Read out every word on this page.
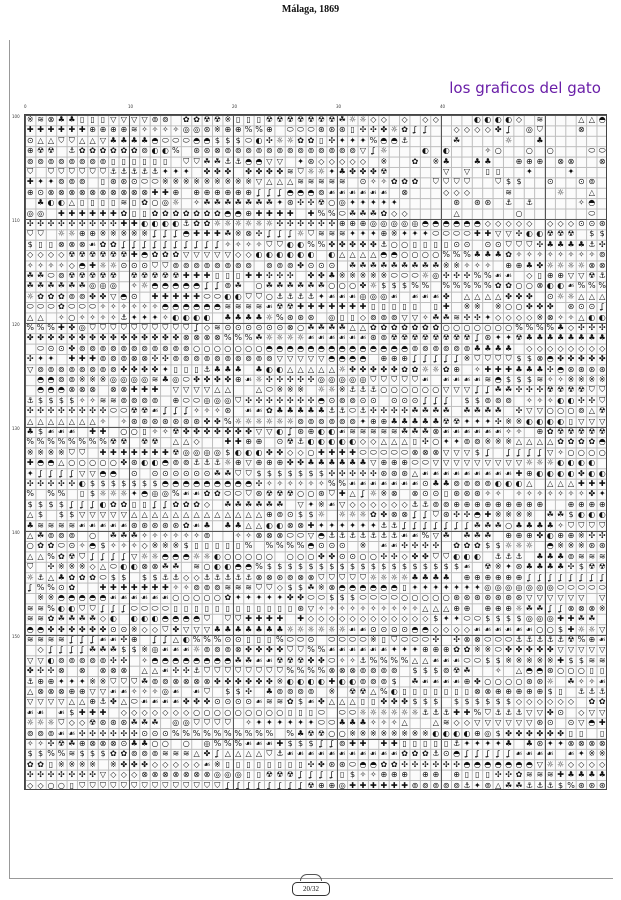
Málaga, 1869
los graficos del gato
0	10	20	30	40
100
110
120
130
140
150
※ ≋ ⊗ ♣ ♣ ▯ ▯ ▯ ▽ ▽ ▽ ▽ ⊚ ⊚ ✿ ✿ ☢ ☢ ※ ▯ ▯ ▯ ☢ ☢ ☢ ☢ ☢ ☢ ☢ ☘ ☼ ☼ ◇ ◇ ◇ ◇ ◇	◐ ◐ ◐ ◐ ◇ ≋	△ △ ◓
✚ ✚ ✚ ✚ ✚ ✚ ⊕ ⊕ ⊕ ⊕ ≋ ✧ ✧ ✧ ✧ ◎ ◎ ⊛ ※ ⊕ ⊕ % % ⊕ ⬭ ⬭ ⬭ ⊛ ⊛ ⊛ ▯ ✣ ✣ ✤ ☼ ✿ ʆ ʆ	◇ ◇ ◇ ◇ ✤ ʆ	◎ ⛉	⊗
⊙ △ △ ⛉ ⛉ △ △ ▽ ♣ ♣ ♣ ♣ ◓ ⬭ ⬭ ⬭ ◓ ◓ $ $ $ ⬭ ◐ ✣ ☼ ☼ ✿ ✿ ▯ ✣ ✦ ✦ ✦ % ◓ ◓ ⚓	☘	☼	♣
⊕ ☢ ☢ ⚓ ✿ ✿ ✿ ✿ ✿ ✿ ⊚ ◐ ◐ % ⊛ ⊛ ⊗ ⊚ ⊚ ⊚ ⊚ ⊚ ⊚ ⊚ ⊚ ⊚ ⊚ ⊚ ⊚ ⊚ ▽ ʆ ☼	◐ ◐	✧ ○	○ ○	⬭ ⬭
⊚ ⊚ ⊚ ⊚ ⊚ ⊚ ⊚ ⊚ ▯ ▯ ▯ ▯ ▯ ▯	⛉ ⛉ ☘ ☘ ⚓ ⚓ ◓ ◓ ▽ ▽ ✦ ⊛ ◇ ◇ ◇ ◇ ◇ ※	✿ ※ ♣	♣ ♣	⊕ ⊕ ⊕ ⊗ ⊗	⊗
⛉ ⛉ ⛉ ⛉ ⛉ ⛉ ⛉ ⚓ ⚓ ⚓ ⚓ ⚓ ✦ ✦ ✦ ✤ ✤ ✤ ✤ ✤ ✤ ✤ ≋ ⛉ ☼ ☼ ✦ ♣ ✤ ✤ ✤ ☢	▽ ▽	▯ ▯	✦	✦
✚ ✦ ✦ ⊚ ⊚ ⊚	▯ ⊛ ⊛ ⊙ ⬭ ⬭ ※ ※ ※ ※ ※ ※ ※ ※ ※ ▽ △ △ △ ≋ ≋ ≋ ≋ ≋ ⊙ ✧ ✧ ✿ ✿ ✿ ⛉ ⛉ ⛉ ⛉	⛉ $ $	⊙	⊙ ⊚
⊕ ⊙ ⊗ ⊗ ⊗ ⊗ ⊗ ⊗ ⊗ ⊗ ⊗ ⊗ ✚ ✚ ⊕ ⊕ ⊕ ⊕ ⊕ ⊕ ⊕ ʆ ʆ ʆ ◓ ◓ ◓ ⊚ ☙ ☙ ☙ ☙ ☙ ☙ ⊗	◇ ◇ ◇	≋	☼	△
♣ ◐ ◐ △ ▯ ▯ ▯ ▯ ≋ ▯ ✿ ○ ◎ ☼ ✧ ☘ ☘ ☘ ☘ ☘ ☘ ☘ ✦ ⊛ ✣ ✣ ☢ ○ ◎ ✦ ✦ ✦ ✦ ✦	⊛ ⊛ ⊛ ⚓ ⚓	✧ ◓
◎ ◎ ✚ ✚ ✚ ✚ ✚ ✚ ✿ ▯ ▯ ✿ ✿ ✿ ✿ ✿ ✿ ✿ ◓ ◓ ⊕ ✚ ✚ ✚ ✚ ✚ % % ⬭ ☘ ☘ ☘ ✿ ◇ ◇	△	○	⬭
✣ ✣ ✣ ✣ ✣ ✣ ✣ ✣ ✣ ✚ ✚ ◐ ◐ ◐ ◐ ⚓ ✿ ✿ ☼ ☼ ☼ ☼ ☼ ☼ ✣ ✣ ✣ ✣ ✣ ✣ ⊕ ⊕ ⊕ ◎ ◎ ◎ ◎ ◎ ◓ ◓ ◓ ◓ ◓ ◓ ◇ ◇ ◇ ◇ ◇ ◇ ◇ ◇ ⊙ ⊙ ⊛
⛉ ⛉ ☼ ☼ ⊕ ⊕ ※ ※ ※ ※ ※ ʆ ʆ ʆ ◓ ✚ ✚ ✚ ☘ ※ ⊗ ✣ ʆ ʆ ʆ ☼ ⛉ ≋ ≋ ≋ ✦ ✦ ✦ ⊕ ※ ✦ ✦ ✦ ⬭ ⬭ ⬭ ⬭ ✚ ✚ ▽ ▽ ✣ ◐ ◐ ☢ ☢ ☢	$ $
$ ▯ ▯ ⊗ ⊗ ⊗ ☙ ✿ ✿ ʆ ʆ ʆ ʆ ʆ ʆ ʆ ʆ ʆ ʆ ✧ ✧ ✧ ✧ ⛉ ⛉ ◐ ◐ % % ✤ ✤ ✤ ✤ ✤ ⚓ ○ ○ ▯ ▯ ▯ ▯ ⊙ ⊙ ⊙ ⊙ ⛉ ⛉ ⛉ ✣ ♣ ♣ ♣ ♣ ⚓ ✣
◇ ◇ ◇ ◇ ☢ ☢ ☢ ☢ ☢ ☢ ✚ ◓ ✿ ✿ ✿ ▽ ▽ ▽ ▽ ▽ ◇ ◇ ◐ ◐ ◐ ◐ ◐ ◐ ◐ △ △ △ △ ◓ ◓ ○ ○ ○ ○ % % % ♣ ♣ ♣ ✿ ✧ ✧ ✧ ✧ ✧ ✧ ✧ ✧ ⊚
✧ ✧ ✧ ✧ ◇ ◓ ✚ ☼ ☼ ⊙ ⊙ ⊙ ⛉ ⛉ ⊚ ⊚ ⊚ ⊚ ⊚ ⊚ ⊚ ⊚ ⊚ ⊚ ⊚ ✤ ⊙ ⊙ ⊙ ☘ ☘ ☘ ☘ ☘ ☘ ☘ ☘ ☘ ※ ※ ✧ ✧ ✧ ⊕ ⊕ ♣ ✤ ☼ ☼ ☼ ☼ ⊗ ⊗
☘ ☘ ⬭ ⊚ ☢ ☢ ☢ ☢ ☢ ☢ ☢ ☢ ☢ ☢ ✚ ✚ ✚ ▯ ▯ ▯ ✚ ✚ ✣ ✣ ✣ ✤ ✤ ♣ ※ ※ ※ ※ ※ ⬭ ⬭ ⬭ ☼ ◎ ✣ ✣ ✣ % % ☙ ☙ ◇ ▯ ⊕ ⊕ ▽ ▽ ☢ ⚓
☘ ☘ ☘ ☘ ☘ ☘ ◎ ◎ ◎ ✧ ☼ ◓ ◓ ◓ ◓ ◓ ʆ ʆ ⊚ ☘ ○ ☘ ☘ ☘ ☘ ☘ ☘ ○ ○ ○ ✤ ☼ $ $ $ % % % % % % % ✿ ✿ ○ ○ ⊗ ◐ ◐ ☙ % % %
☼ ✿ ✿ ✿ ⊚ ⊚ ✤ ✤ ▽ ◓ ⊙ ✚ ✚ ✚ ✚ ✚ ⬭ ⬭ ◐ ◐ ⛉ ⛉ ○ ⚓ ⚓ ⚓ ⚓ ✦ ☙ ☙ ☙ ◎ ◎ ◎ ☙ ☙ ☙ ☙ ✤ △ △ △ △ ✤ ✤ ✤ ⊙ ☼ ☼ △ △ △
⬭ ⬭ ⬭ ✿ ⬭ ⬭ ⬭ ✧ ✧ ✧ ✧ ✧ ✧ ◓ ◓ ◓ ◓ ◓ ◓ ≋ ≋ ≋ ≋ ☙ ☢ ☢ ✚ ✚ ✚ ✚ ✚ ✚ ✚ ▯ ▯ ▯ ▯ ▯	▯ ✚ ※ ※ ※ ○ ○ ✤ ✤ ✤ ⊛ ⊙ ⊙ ʆ
△ △ ✧ ○ ✧ ✧ ✧ ✧ ⚓ ✦ ✦ ✦ ✧ ◐ ◐ ◐ ◐ ♣ ♣ ♣ ♣ ☼ % ⊛ ⊛ ⊛ ◎ ▯ ▯ ◇ ⊚ ⊚ ⊚ ▽ ▽ ✧ ☘ ☘ ≋ ✣ ✣ ✦ ◇ ◇ ◇ ◇ ※ ⊗ ✧ ✧ △ ◐ ◐
% % % ✚ ✤ ◎ ⛉ ⛉ ⛉ ⛉ ⛉ ⛉ ⛉ ⛉ ⛉ ⛉ ʆ ◇ ≋ ⊙ ⊙ ⊙ ⊙ ⊙ ⊙ ⊗ ○ ☘ ☘ ☘ ☘ △ △ ✿ ✿ ✿ ✿ ✿ ✿ ✿ ○ ○ ○ ○ ○ ○ ○ % % % % ♣ ◇ ✣ ✣ ✣
✤ ✤ ✤ ✤ ✤ ✤ ✤ ✤ ✤ ✤ ✤ ✤ ✤ ✤ ✤ ⊗ ⊗ ⊗ ⊗ % % % ☘ ☼ ☼ ☼ ☼ ☙ ☙ ☙ ☙ ☙ ☙ ⊛ ⊚ ☢ ☢ ☢ ☢ ☢ ☢ ☢ ☢ ʆ ⊛ ✦ ✦ ☢ ♣ ♣ ♣ ♣ ♣ ♣ ♣ ♣
⬭ ⊙ ⊙ ✤ ⊚ ⊚ ⊚ ⊚ ⊚ ⊚ ⊚ ⊚ ⊚ ⊚ ⊚ ○ ○ ○ ○ ○ ○ ○ ◓ ◓ ◓ ◓ ◓ ◓ ◓ ◓ ◓ ◓ ◓ ◓ ◓ ◓ ⊚ ⊚ ⊚ ⊚ ⊚ ⊚ ♣ ♣ ♣ ♣ ◇ ◇ ◇ ◇ ◇ ◇ ◇ ◇
✣ ✦ ✦ ✚ ✚ ✚ ⊚ ⊚ ⊚ ⊗ ⊗ ✣ ✣ ⊚ ⊚ ⊚ ⊚ ⊚ ⊚ ⊚ ⊚ ⊚ ⊚ ▽ ▽ ▽ ▽ ▽ ◓ ◓ ◓ ◓ ⊕ ⊕ ⊕ ʆ ʆ ʆ ʆ ʆ ※ ⛉ ⛉ ⛉ ⛉ $ $ ⊗ ◓ ✤ ✤ ✤ ✤ ✤
▽ ⊚ ⊚ ⊚ ⊚ ⊚ ⊚ ⊚ ⊚ ✤ ✤ ✤ ✤ ✦ ▯ ▯ ▯ ⚓ ♣ ♣ ♣ ♣ ◐ ◐ △ △ △ △ △ ☼ ✤ ✤ ✤ ✤ ✤ ✿ ✿ ☼ ☼ ✿ ⊕ ✧ ✚ ✚ ✚ ♣ ♣ ♣ ✣ ◓ ⊛ ⊛ ⊛ ⊛
◓ ◓ ⊚ ⊚ ※ ※ ※ ◎ ◎ ◎ ◎ ≋ ♣ ◎ ⬭ ✤ ✤ ✤ ✤ ⊕ ☙ ☼ ✣ ✣ ✣ ✣ ✣ ◎ ◎ ◎ ◎ ◎ ⛉ ⛉ ⛉ ⛉ ⛉ ☙ ☙ ☙ ☙ ☙ ≋ ◓ $ $ $ ≋ ✧ ✧ ※ ※ ※ ※
◓ ◓ ◓ ⊗ ⊗ ⊗ ⊗ ⊗ ✚ ✚ ✚ ▽ ▽ ▽ ▽ △ △	△ ⬭ ※ ※ ※ ☼ ☼ ※ ⚓ ⚓ ⚓ ○ ○ ○ ○ ○ ○ ▽ ▽ ▽ ʆ ʆ ☘ ☘ ✣ ✣ ✣ ☢ ☢ ☢ ☢ ⛉ ⛉
⚓ $ $ $ $ ✧ ✧ ≋ ≋ ⊚ ⊚ ⊚ ⊚ ⊕ ⬭ ⬭ ◎ ◎ ◎ ⛉ ✣ ✣ ✣ ✣ ✣ ✣ ✣ ◓ ⊙ ⊚ ⊚ ⊙ ⊙ ⊙ ⊙ ⊙ ʆ ʆ ʆ	$ $ ⊚ ⊚ ⊚ ✧ ✧ ✧ ◐ ◐ ✣ ✣ ⛉
✣ ✣ ✣ ✣ ✣ ✣ ✣ ✣ ⬭ ⬭ ☢ ☢ ☙ ʆ ʆ ʆ ✧ ✧ ✧ ⊛ ☙ ☙ ✿ ♣ ♣ ♣ ♣ ♣ ⚓ ⚓ ⬭ ⚓ ✣ ✣ ✣ ✣ ☘ ☘ ☘ ☘ ☘ ☘ ☘ ☘ ✣ ▽ ▽ ○ ○ ○ ⊚ △ ☢
△ △ △ △ △ △ △ ✧ ✧ ⊛ ⊛ ⊛ ⊛ ⊛ ⊛ ⊛ ✤ ✤ % ☼ ☼ ☼ ☼ ☼ ☼ ⊚ ⊚ ⊚ ⊚ ⊚ ⊚ ✦ ⊕ ⊕ ♣ ♣ ♣ ♣ ♣ ☢ ☢ ✦ ✦ ✦ ✣ ※ ※ ◐ ◐ ◐ ◐ ▯ ▽ ▽ ▽
♣ $ ☙ ☙ ☙ ✚ ✚ ○ ○ ▯ ✧ ✧ ☢ ✤ ✤ ✤ ✤ ✤ ✤ ✤ ▽ ▽ ◐ ʆ ⊛ ⊕ ◐ ◐ ☙ ≋ ≋ ≋ ≋ ≋ ☘ ☘ ☘ ⊗ ☙ ☙ ☙ ☙ ☙ ☙ ✧ ✧ ⊕ ✿ ☢ ☢ ☢ ☢ ☢
% % % % % % % % ☢ ☢ ☢ ☢ △ △ ◇	✚ ✚ ⊕ ⊕ ⊙ ☢ ⚓ ◐ ◐ ◐ ◐ ◐ ◇ ◇ △ △ △ ▯ ✣ ○ ✦ ✦ ⊚ ⊚ ※ ※ ※ △ △ △ △ ✿ ✿ ✿ ✿ ◓
※ ※ ※ ※ ⛉ ⛉ ✚ ✚ ✚ ✚ ✚ ✚ ✚ ☢ ◎ ◎ ◎ ◎ $ ◐ ◐ ◐ ✤ ✤ ◇ ◇ ○ ✚ ✚ ✚ ✚ ⬭ ⬭ ⬭ ⬭ ⬭ ⊗ ⊗ ⊗ ▽ ▽ ▽ $ ʆ	ʆ ʆ ʆ ʆ ▽ ✧ ○ ○ ○ ○
✚ ◓ ◓ △ ○ ○ ○ ○ ○ ✤ ⊛ ◐ ◐ ◓ ⊚ ⊚ ⚓ ⚓ ⚓ ☼ ⊕ ▽ ⊕ ⊕ ⊕ ✤ ✤ ♣ ♣ ♣ ♣ ♣ ♣ ▽ ⊕ ⊕ ⊕ ⬭ ⬭ ▽ ▽ ▽ ▽ ▽ ▽ ▽ ▽ ▽ ☼ ☼ ☼ ◐ ◐ ◐ ◐
✦ ʆ ʆ ʆ ʆ ▽ ▽ ◓ ◓ ⊙ ⊙ ⊙ ⊙ ⊙ ⊙ ⊙ ☘ ☘ ⛉ ⛉ $ $ $ $ $ $ $ ✣ ✣ ✣ ✣ ✣ ⊛ ⊛ ⊛ △ ☙ ☙ ☙ ☙ ☙ ☙ ☙ ☙ ☙ ✚ ⊕ ◐ ◐ ◐ ◐ ✤ ◐ ◐
✣ ✣ ✣ ✣ ✣ ◐ $ $ $ $ $ $ $ ◓ ◓ ◓ ◓ ◓ ◓ ◓ ◓ ◓ ✣ ✧ ✧ ✧ ✧ ✧ ✧ % % ☙ ☙ ☙ ☙ ☙ ☙ ☙ ⊙ ♣ ♣ ⊚ ⊚ ⊚ ⊚ ◐ ◐ ◐ △ △ △ △ ✚ ✚ ✚
% % %	▯ $ ☼ ☼ ☼ ✦ ◓ ◎ ◎ % ☙ ☙ ✿ ✿ ⬭ ⬭ ⛉ ⊛ ☢ ☢ ☢ ○ ○ ⊛ ⛉ ✚ △ ʆ ☼ ※ ⊗ ⊗ ⊙ ⊙ ▯ ⊛ ⊛ ⊛ ✧ ✧ ✧ ✧ ✧ ✧ ✧ ✧ ✧ ✤ ✦
$ $ $ $ ʆ ʆ ʆ ◐ ✿ ✿ ▯ ▯ ʆ ʆ ✿ ✿ ✿ ◇ ☘ ☘ ☘ ☘ ☘ ☘ ▽ ✦ ※ ☙ ▽ ◇ ◇ ◇ ◇ ◇ ◇ ⚓ ⚓ ⊚ ⊚ ⊕ ⊕ ⊕ ⊕ ⊕ ⊕ ⊕ ⊕ ⊕	⊕ ⊕ ⊕ ⊕
△ $	$ $ ▽ ▽ ▽ ▽ ▽ △ △ △ △ △ △ △ △ △ △ △ △ △ ⊕ ⊚ ⊙ $ $ ☼ ☼ ☼ ☼ ✿ ✤ ⊗ ⊗ ʆ ʆ ⛉ ⊛ ✣ ✣ ◓ ✚ ※ ※ ※ ※ ☘ ☘ $ ◐ ◐ ◐
♣ ≋ ≋ ≋ ≋ ☙ ☙ ☙ ☙ ☙ ⊛ ⊛ ⊛ ⊛ ⊛ ✿ ☙ ♣ ♣ ♣ △ △ ◐ ◐ ⊗ ⊗ ✚ ✦ ✦ ✦ ✦ ✦ ✦ ⚓ ⚓ ʆ ʆ ʆ ʆ ʆ ʆ ʆ ☘ ☘ ☘ ○ ♣ ♣ ♣ ♣ ✧ ⛉ ⛉ ⛉ ⛉
△ ☘ ⊚ ⊚ ⊚ ○ ☘ ☘ ☘ ✧ ✧ ✧ ✧ ✧ ✧ ⊚	✧ ✧ ⊗ ⊗ ⊗ ⬭ ⬭ ▽ ◓ ⚓ ⚓ ⚓ ⚓ ⚓ ⚓ ⚓ ☙ ☙ % ▽ ☘ ☘ ☘ ☘ ⊕ ⊕ ⊕ ✤ ◐ ⊕ ⊕ ※ ✣ ✣
○ ✿ ✿ ⬭ ⊙ ✧ ◓ $ ✧ ✧ ✧ ◇ ※ ※ ※ $ ▯ ▯ ▯ ▯ ▯ % % % % % ◓ ⊙ ⊙ ⊙ ※ ☙ ☙ ✣ ✣ ✣ ✣ ✿ ✿ ✿ $ $ ☼ ☼ ☼ ◓ ※ ※ ※ ⊛ ⊛
△ △ % ✿ ☢ ⛉ ʆ ʆ ʆ ʆ ▽ ☼ ☼ ◓ ◓ ◓ ☼ ☼ ◐ ○ ○ ○ ○ ○ ○ ○ ○ ✤ ✤ ⊙ ⊙ ○ ○ ✣ ✣ ◇ ✤ ✤ ⛉ ⛉ ◐ ◐ ◐ ⚓ ⚓ ⚓ ♣ ♣ ♣ ⊚ ≋ ≋ ≋
⛉ ✣ ※ ※ ※ ◇ △ ⬭ ◐ ◐ ⊗ ⊗ ☘ ☘ ≋ ○ ◐ ◐ ◓ ◓ % $ $ $ $ $ $ $ $ $ $ $ $ $ $ $ $ $ $ $ ☙ ☢ ※ ✦ ⊛ ♣ ♣ ♣ ♣ ✣ $ ☢ ☢
☼ ⚓ △ ♣ ✿ ✿ ✿ ⬭ $ $	$ $ ⚓ ⚓ ◇ ◇ ⚓ ⚓ ⚓ ⚓ ⚓ ⊗ ⊗ ⊛ ⊚ ⊗ ⊗ ⛉ ⛉ ⛉ ⛉ ⛉ ☼ ☼ ☼ ☼ ♣ ♣ ♣ ♣ ⊕ ⊕ ⊕ ⊕ ⊕ ⊕ ʆ ʆ ʆ ʆ ʆ ʆ ʆ ʆ
ʆ % % ⊙ ✿	✚ ✚ ✚ ✚ ✚ ✚ ✚ ✧ ✧ ⊚ ⊚ ⊚ ≋ ≋ ≋ ⛉ ⛉ ◇ $ $ ☘ ※ ⊗ ◓ ◓ ◓ ◓ ◓ ◓ ▯ ✦ ✦ ✦ ✦ ✦ ✦ ✦ ◎ ◎ ◎ ◎ ◎ ◎ ◎ ⬭ ⬭ ⬭ ⬭ ⬭
※ ※ ◓ ◓ ◓ ◓ ◓ ☙ ☙ ☙ ☙ ☙ ☙ ○ ○ ○ ○ ○ ✿ ✦ ✦ ✦ ✦ ✦ ✤ ✤ ⬭ ⬭ $ $ $ ⬭ ⬭ ⬭ ⬭ ○ ○ ○ ○ ○ ⊛ ⊛ ⊛ ⊛ ⊛ ⊛ ⊛ ▽ ▽ ▽ ▽ ▽ ▽ ▽
≋ ≋ % ◐ ◐ ⛉ ⛉ ʆ ʆ ʆ ⬭ ⬭ ⬭ ⬭ ▯ ▯ ▯ ▯ ▯ ▯ ▯ ▯ ▯ ▯ ▯ ▯ ⊛ ▽ ✧ ✧ ✧ ✧ ✧ ✧ ✧ ✧ ✧ ✧ △ △ △ ⊕ ⊕ ⊕ ⊕ ⊕ ☼ ☘ ☘ ʆ ʆ ⊗ ⊗ ⊗ ※
≋ ≋ ✿ ☘ ☘ ☘ ☘ ◇ ◐ ◐ ◐ ◐ ◓ ◓ ◓ ◓ ⛉ ⛉ ⛉ ✚ ✚ ✚ ✚ ✚ ◇ ◇ ◇ ◇ ◇ ◇ ◇ ◇ ◇ ◇ ◇ ◇ $ ✦ ✦ ⬭ ⬭ $ $ $ $ ◎ ◎ ◎ ✚ ✚ ☘ ☘
◓ ◓ ✤ ✤ ✤ ✤ ✤ ✤ ⊙ ⊙ ※ ◇ ◇ ⛉ ✤ ▽ ▽ ▽ ♣ ♣ ♣ ♣ ♣ ♣ ♣ ☼ ☼ ☼ ☼ ☼ ☼ ☙ ☙ ⊙ ⊙ ⊙ ⊙ ◓ ◓ ◇ ◇ ◇ ◇ ☙ ☙ ☙ ☙ ☙ ☙ ○ ○ $ ✚ ☼ ☼ ▽
≋ ≋ ≋ ≋ ʆ ʆ ʆ ☙ ☙ ✣ ⊕	ʆ ʆ △ ◐ % % % ⊙ ⊙ ▯ ▯ ▯ % ⬭ ⬭ ⊙ ⬭ ⬭ ⬭ ⬭ ※ ▯ ⛉ ⬭ ⬭ ⬭ ✣ ✣ ⊗ ⊗ ⬭ ⬭ ⬭ ⚓ ⚓ ⚓ ⚓ ⚓ ☢ % ⊕ ☙
◇ ʆ ʆ ʆ ʆ ☘ ☘ ☘ $ $ ※ ◎ ☙ ☙ ☙ ☼ ⊚ ⊚ ⊚ ⊗ ✤ ✤ ✤ ✤ ⛉ ⛉ % % ☙ ☙ ☙ ☙ ☙ ☙ ✦ ✦ ✦ ⊕ ⊕ ⊕ ✿ ✿ ※ ※ ⬭ ✤ ✤ ✤ ✤ ✤ ▽ ▽ ▽ ▽ ▽
▽ ▽ ◐ ⊚ ⊚ ⊚ ⊚ ⊚ ✣ ✣ ✧ ◓ ◓ ◓ ◓ ◓ ◓ ◓ ◓ ☘ ☘ ☙ ☙ ☢ ☢ ☢ ✤ ✤ ⬭ ✧ ✧ ⚓ % % % % △ △ ☙ ☙ ☙ ⬭ ⬭ $ $ ※ ※ ※ ※ ※ ✚ $ $ ≋ ≋
✤ ✣ ✣ ⊗ ⊗ ⊗ ⊗ ⊗ △ △ ☙ ✣ ✣ ⚓ ⛉ ⛉ ⛉ ⛉ ⛉ ⛉ ⛉ ⛉ % % % % ⊗ ⊗ ⊗ ⊚ ⊚ ⊚ ⊚	$ $ $ ⊚ ☢ ☘	✧ △ ◓ ◓ ⊛ ○ ○ ○ ▯ ▯
⚓ ⊕ ⊕ ✦ ✦ ✦ ※ ※ ⛉ ⛉ ⛉ ☘ ⊚ ⊚ ⊗ ⊗ ⊗ ⊗ ✤ ✤ ✤ ✤ ✤ ✤ ※ ◐ ◐ ◐ ◐ ✚ ◐ ◐ ⊚ ⊚ ⊚ $	☘ ☙ ☙ ☙ ☙ ⊕ ✤ ○ ○ ○ ○ ⊛ ⊛ ☼ ☘ ✧ ✧ ☙
△ ⊗ ⊗ ⊗ ⊕ ⊕ ▽ ▽ ☙ ☙ ✧ ✧ ✧ ◎ ☙ ☙ ⛉	$ $ ✣ ♣ ⊚ ⊚ ⊚ ⊚ ※ ☢ ☢ △ % ◐ ▯ ▯ ▯ ▯ ▯ ▯ ▯ ⊗ ⊗ ⊕ ⊕ ⊕ ⊕ ⊕ $ ▯	⚓ ⚓ ⚓
▽ ▽ ▽ ▽ △ △ ⊕ ⚓ ✤ △ ⬭ ☙ ☙ ☙ ☙ ✤ ✤ ✤ ⊙ ⊙ ⊙ ⊙ ☙ ≋ ≋ ✿ $ ☙ ✤ △ △ △ ▯ ▯ ✤ ✤ ✤ $ $ $	$ $ $ $ $ $ ◇ ◇ ◇ ◇ ◇ ◇ ✿ ✿
☙ ☙ ☙ $ ✚ ✚ ✚ ◇ ◇ ◇ ◇ ◇ ◇ ◇ ○ ○ ○ ○ ○ ○ ○ ○ ○ ▯ ▯ ▯ ⬭ ⬭ ⬭ ☼ ☼ ☼ ☼ ☼ ☼ ⚓ ⚓ ⚓ ✚ ✚ % ⛉ ⚓ ⚓ ⚓ ▽ ▽ ✤ ⊙ ◇ ▽ ▽
☼ ☼ ☼ ⛉ ◇ ◇ ☢ ⊛ ⊛ ⊛ ☘ ☘ ☘ ◎ ◎ ⛉ ⛉ ⛉ ⛉ ✧ ✦ ✦ ✦ ✦ ✦ ✦ ⬭ ⬭ ♣ ♣ ♣ ✧ ✧ ✧ △	△ ≋ ◇ ◇ ▽ ▽ ▽ ▽ ▽ ▽ ⊛ ⊙ ⊙ ▽ ◓ ✚
⊚ ⊚ ⊚ ☙ ☙ ✣ ✣ ✣ ✣ ✣ ✣ ⊙ ⊙ ⊙ % % % % % % % % % % % ♣ ☢ ☢ ○ ○ ※ ※ ※ ※ ※ ※ ※ ※ ◐ ◐ ◐ ◐ ⊕ ◎ $ ✤ ✤ ✤ ✤ ✤ ✤ ▯ ▯	▯
✧ ✧ ✣ ☢ ☘ ⊕ ⊗ ⊗ ⊗ ⊙ ♣ ♣ ○ ○ ○ ◎ % % % ☙ ☙ ☙ ✚ $ $ $ ʆ ʆ ⊚ ✚ ✚ ✚ ✚ ▯ ▯ ▯ ▯ ▯ ⚓ ✦ ✦ ✦ ✦ ♣ ♣ ⊛ ✦ ✦ ⊗ ⊗ ⊗ ⊗
$ $ % % ≋ $ $ $ ✿ ✿ ⊚ ⊚ ⊚ ≋ ≋ ≋ △ ✤ ʆ △ △ △ △ ⛉ ⚓ ☙ ☙ ☙ ☙ ☙ ☙ ☙ ☙ ☙ ☙ ☙ ✿ ✿ ✿ ⚓ ⊙ ◓ ʆ ʆ ʆ ʆ ʆ ☙ ☙ ☙ ☙ ☙ ✦ ※ ※
✿ ✿ ▯ ※ ※ ※ ※ ※ ✤ ✤ ✤ ◇ ◇ ◇ ◇ ◇ ☙ ※ ▯ ▯ ▯ ▯ ▯ ▯ ▯ ▯ ✣ ✤ ⊛ ⊛ ⬭ ◓ ◓ ✿ ✿ ✣ ✣ ✣ ✣ ✣ ✣ ◓ ◓ ◓ ◓ ◓ ◓ ◓ ▽ ☼ ☼ ◇ ◇ ◇ ◇
✣ ✣ ✣ ✣ ✣ ✣ ✣ ▽ ◇ ◇ ◇ ⊗ ⊗ ⊗ ⊗ ⊗ ⊗ ⊗ ◎ ◎ ◎ ▯ ▯ ☢ ☢ ☢ ʆ ʆ ʆ ʆ ▯ $ ✧ ✧ ⊕ ⊕ ⊕ ⊕ ⊕ ⊕ ▯ ▯ ▯ ✣ ✣ ✿ ≋ ≋ ≋ ✚ ♣ ♣ ♣ ♣
◇ ◇ ○ ○ ▯ ⛉ ⛉ ⛉ ⛉ ⛉ ⛉ ⛉ ⛉ ⛉ ⛉ ⛉ ⛉ ⛉ ⛉ ʆ ʆ ʆ ʆ ʆ ʆ ʆ ʆ ☢ ⊕ ⊕ ◎ ✚ ✚ ✚ ✚ ✚ ✚ ⊚ ⊚ ⊚ ⊚ ⊚ ⚓ ✦ ⊚ △ ☘ ☘ ⚓ ⚓ ⚓ $ % ⊛ ⊛ ⊛
20/32
